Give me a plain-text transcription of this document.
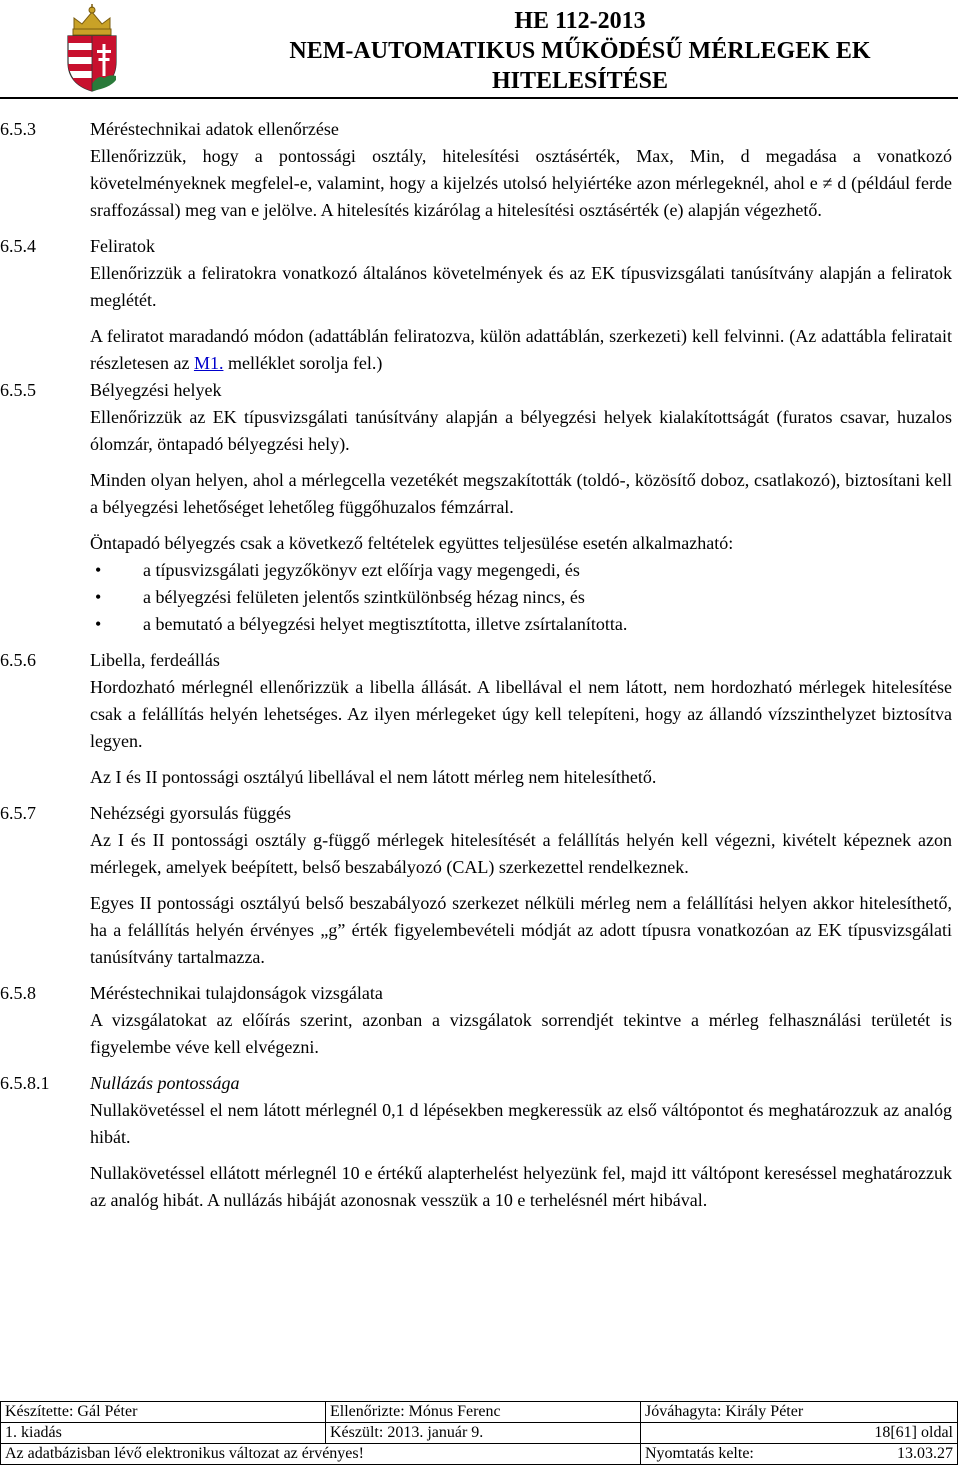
HE 112-2013
NEM-AUTOMATIKUS MŰKÖDÉSŰ MÉRLEGEK EK
HITELESÍTÉSE
6.5.3	Méréstechnikai adatok ellenőrzése
Ellenőrizzük, hogy a pontossági osztály, hitelesítési osztásérték, Max, Min, d megadása a vonatkozó követelményeknek megfelel-e, valamint, hogy a kijelzés utolsó helyiértéke azon mérlegeknél, ahol e ≠ d (például ferde sraffozással) meg van e jelölve. A hitelesítés kizárólag a hitelesítési osztásérték (e) alapján végezhető.
6.5.4	Feliratok
Ellenőrizzük a feliratokra vonatkozó általános követelmények és az EK típusvizsgálati tanúsítvány alapján a feliratok meglétét.
A feliratot maradandó módon (adattáblán feliratozva, külön adattáblán, szerkezeti) kell felvinni. (Az adattábla feliratait részletesen az M1. melléklet sorolja fel.)
6.5.5	Bélyegzési helyek
Ellenőrizzük az EK típusvizsgálati tanúsítvány alapján a bélyegzési helyek kialakítottságát (furatos csavar, huzalos ólomzár, öntapadó bélyegzési hely).
Minden olyan helyen, ahol a mérlegcella vezetékét megszakították (toldó-, közösítő doboz, csatlakozó), biztosítani kell a bélyegzési lehetőséget lehetőleg függőhuzalos fémzárral.
Öntapadó bélyegzés csak a következő feltételek együttes teljesülése esetén alkalmazható:
• a típusvizsgálati jegyzőkönyv ezt előírja vagy megengedi, és
• a bélyegzési felületen jelentős szintkülönbség hézag nincs, és
• a bemutató a bélyegzési helyet megtisztította, illetve zsírtalanította.
6.5.6	Libella, ferdeállás
Hordozható mérlegnél ellenőrizzük a libella állását. A libellával el nem látott, nem hordozható mérlegek hitelesítése csak a felállítás helyén lehetséges. Az ilyen mérlegeket úgy kell telepíteni, hogy az állandó vízszinthelyzet biztosítva legyen.
Az I és II pontossági osztályú libellával el nem látott mérleg nem hitelesíthető.
6.5.7	Nehézségi gyorsulás függés
Az I és II pontossági osztály g-függő mérlegek hitelesítését a felállítás helyén kell végezni, kivételt képeznek azon mérlegek, amelyek beépített, belső beszabályozó (CAL) szerkezettel rendelkeznek.
Egyes II pontossági osztályú belső beszabályozó szerkezet nélküli mérleg nem a felállítási helyen akkor hitelesíthető, ha a felállítás helyén érvényes „g” érték figyelembevételi módját az adott típusra vonatkozóan az EK típusvizsgálati tanúsítvány tartalmazza.
6.5.8	Méréstechnikai tulajdonságok vizsgálata
A vizsgálatokat az előírás szerint, azonban a vizsgálatok sorrendjét tekintve a mérleg felhasználási területét is figyelembe véve kell elvégezni.
6.5.8.1	Nullázás pontossága
Nullakövetéssel el nem látott mérlegnél 0,1 d lépésekben megkeressük az első váltópontot és meghatározzuk az analóg hibát.
Nullakövetéssel ellátott mérlegnél 10 e értékű alapterhelést helyezünk fel, majd itt váltópont kereséssel meghatározzuk az analóg hibát. A nullázás hibáját azonosnak vesszük a 10 e terhelésnél mért hibával.
Készítette: Gál Péter	Ellenőrizte: Mónus Ferenc	Jóváhagyta: Király Péter
1. kiadás	Készült: 2013. január 9.	18[61] oldal
Az adatbázisban lévő elektronikus változat az érvényes!		Nyomtatás kelte: 13.03.27
